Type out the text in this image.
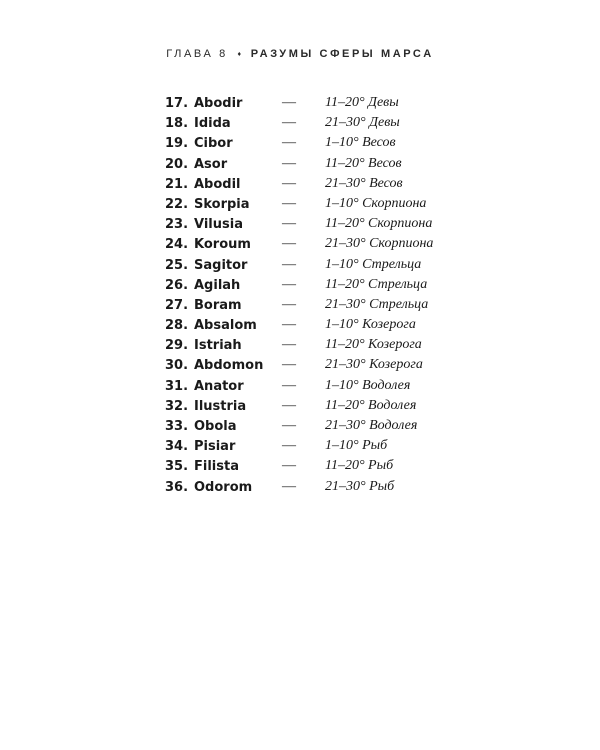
ГЛАВА 8 ♦ РАЗУМЫ СФЕРЫ МАРСА
17. Abodir	— 11–20° Девы
18. Idida	— 21–30° Девы
19. Cibor	— 1–10° Весов
20. Asor	— 11–20° Весов
21. Abodil	— 21–30° Весов
22. Skorpia — 1–10° Скорпиона
23. Vilusia	— 11–20° Скорпиона
24. Koroum — 21–30° Скорпиона
25. Sagitor — 1–10° Стрельца
26. Agilah	— 11–20° Стрельца
27. Boram	— 21–30° Стрельца
28. Absalom — 1–10° Козерога
29. Istriah	— 11–20° Козерога
30. Abdomon — 21–30° Козерога
31. Anator	— 1–10° Водолея
32. Ilustria	— 11–20° Водолея
33. Obola	— 21–30° Водолея
34. Pisiar	— 1–10° Рыб
35. Filista	— 11–20° Рыб
36. Odorom — 21–30° Рыб
